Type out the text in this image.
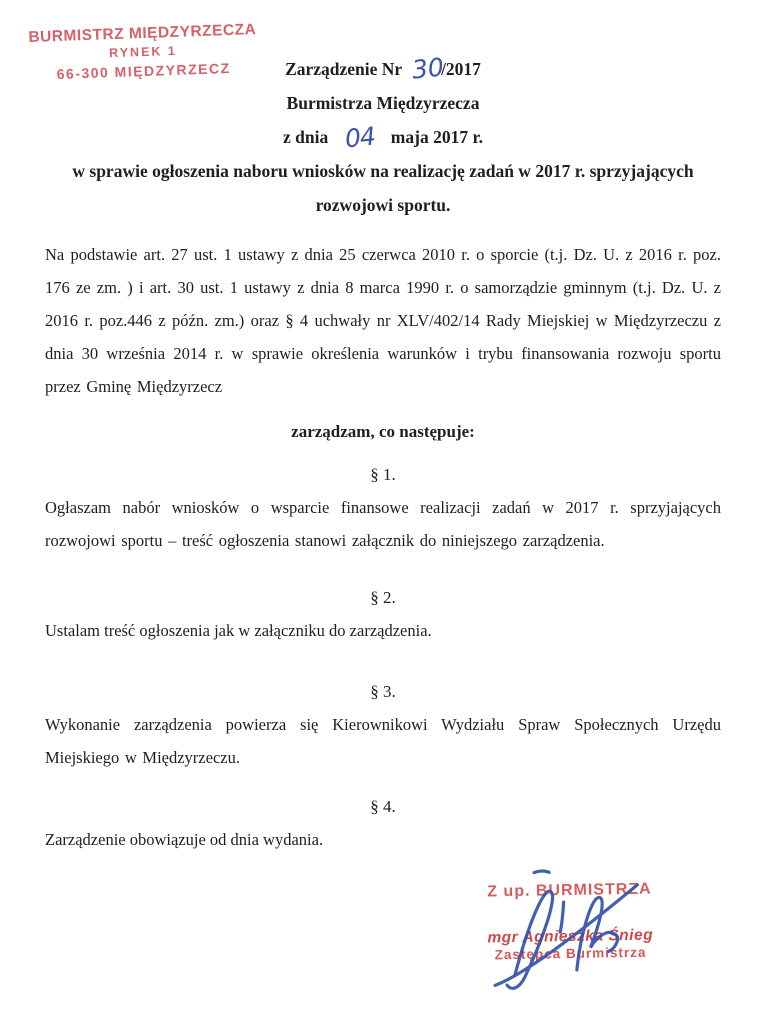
BURMISTRZ MIĘDZYRZECZA
RYNEK 1
66-300 MIĘDZYRZECZ	Zarządzenie Nr 30/2017
Burmistrza Międzyrzecza
z dnia 04 maja 2017 r.
w sprawie ogłoszenia naboru wniosków na realizację zadań w 2017 r. sprzyjających
rozwojowi sportu.

Na podstawie art. 27 ust. 1 ustawy z dnia 25 czerwca 2010 r. o sporcie (t.j. Dz. U. z 2016 r. poz. 176 ze zm. ) i art. 30 ust. 1 ustawy z dnia 8 marca 1990 r. o samorządzie gminnym (t.j. Dz. U. z 2016 r. poz.446 z późn. zm.) oraz § 4 uchwały nr XLV/402/14 Rady Miejskiej w Międzyrzeczu z dnia 30 września 2014 r. w sprawie określenia warunków i trybu finansowania rozwoju sportu przez Gminę Międzyrzecz

zarządzam, co następuje:
§ 1.

Ogłaszam nabór wniosków o wsparcie finansowe realizacji zadań w 2017 r. sprzyjających rozwojowi sportu – treść ogłoszenia stanowi załącznik do niniejszego zarządzenia.

§ 2.

Ustalam treść ogłoszenia jak w załączniku do zarządzenia.

§ 3.

Wykonanie zarządzenia powierza się Kierownikowi Wydziału Spraw Społecznych Urzędu Miejskiego w Międzyrzeczu.

§ 4.

Zarządzenie obowiązuje od dnia wydania.

Z up. BURMISTRZA
mgr Agnieszka Śnieg
Zastępca Burmistrza
